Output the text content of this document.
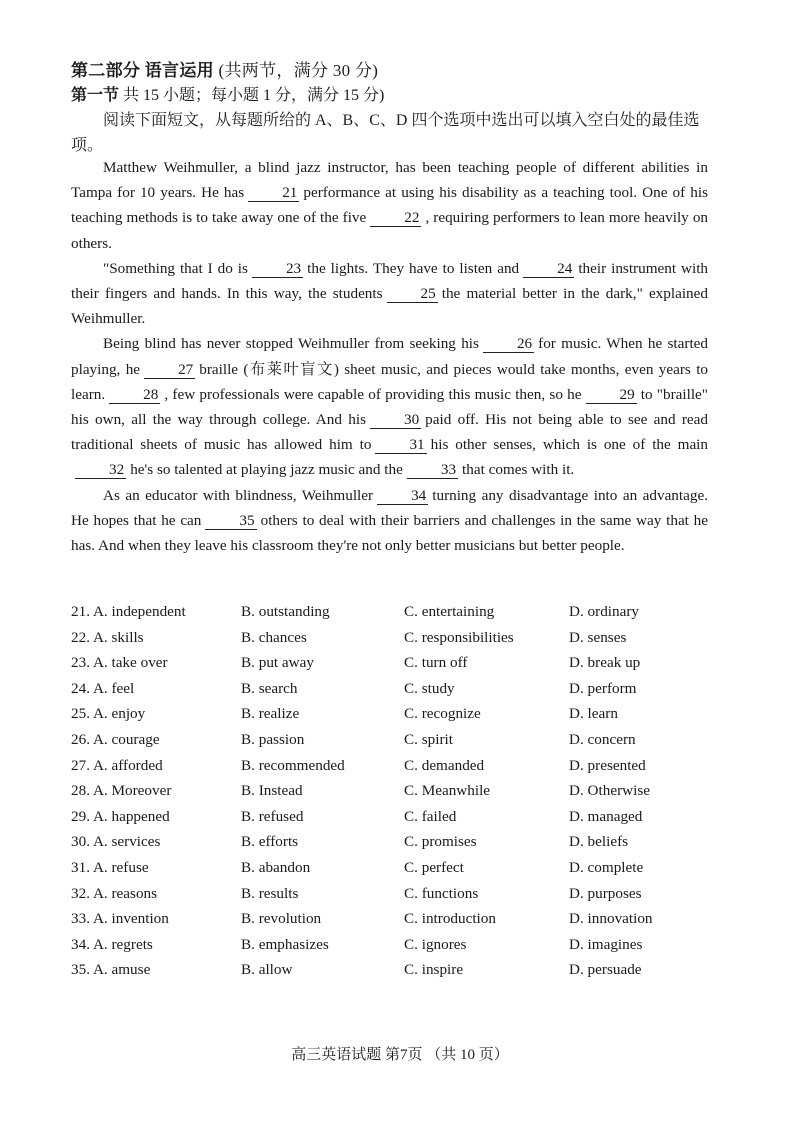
第二部分 语言运用 (共两节，满分 30 分)
第一节 共 15 小题；每小题 1 分，满分 15 分)
阅读下面短文，从每题所给的 A、B、C、D 四个选项中选出可以填入空白处的最佳选项。

Matthew Weihmuller, a blind jazz instructor, has been teaching people of different abilities in Tampa for 10 years. He has	21 performance at using his disability as a teaching tool. One of his teaching methods is to take away one of the five	22 , requiring performers to lean more heavily on others.

"Something that I do is	23 the lights. They have to listen and	24 their instrument with their fingers and hands. In this way, the students	25 the material better in the dark," explained Weihmuller.

Being blind has never stopped Weihmuller from seeking his	26 for music. When he started playing, he	27 braille (布莱叶盲文) sheet music, and pieces would take months, even years to learn.	28 , few professionals were capable of providing this music then, so he	29 to "braille" his own, all the way through college. And his	30 paid off. His not being able to see and read traditional sheets of music has allowed him to	31 his other senses, which is one of the main32 he's so talented at playing jazz music and the	33 that comes with it.

As an educator with blindness, Weihmuller	34 turning any disadvantage into an advantage. He hopes that he can	35 others to deal with their barriers and challenges in the same way that he has. And when they leave his classroom they're not only better musicians but better people.

21. A. independent	B. outstanding	C. entertaining	D. ordinary
22. A. skills	B. chances	C. responsibilities	D. senses
23. A. take over	B. put away	C. turn off	D. break up
24. A. feel	B. search	C. study	D. perform
25. A. enjoy	B. realize	C. recognize	D. learn
26. A. courage	B. passion	C. spirit	D. concern
27. A. afforded	B. recommended	C. demanded	D. presented
28. A. Moreover	B. Instead	C. Meanwhile	D. Otherwise
29. A. happened	B. refused	C. failed	D. managed
30. A. services	B. efforts	C. promises	D. beliefs
31. A. refuse	B. abandon	C. perfect	D. complete
32. A. reasons	B. results	C. functions	D. purposes
33. A. invention	B. revolution	C. introduction	D. innovation
34. A. regrets	B. emphasizes	C. ignores	D. imagines
35. A. amuse	B. allow	C. inspire	D. persuade
高三英语试题 第7页 （共 10 页）
